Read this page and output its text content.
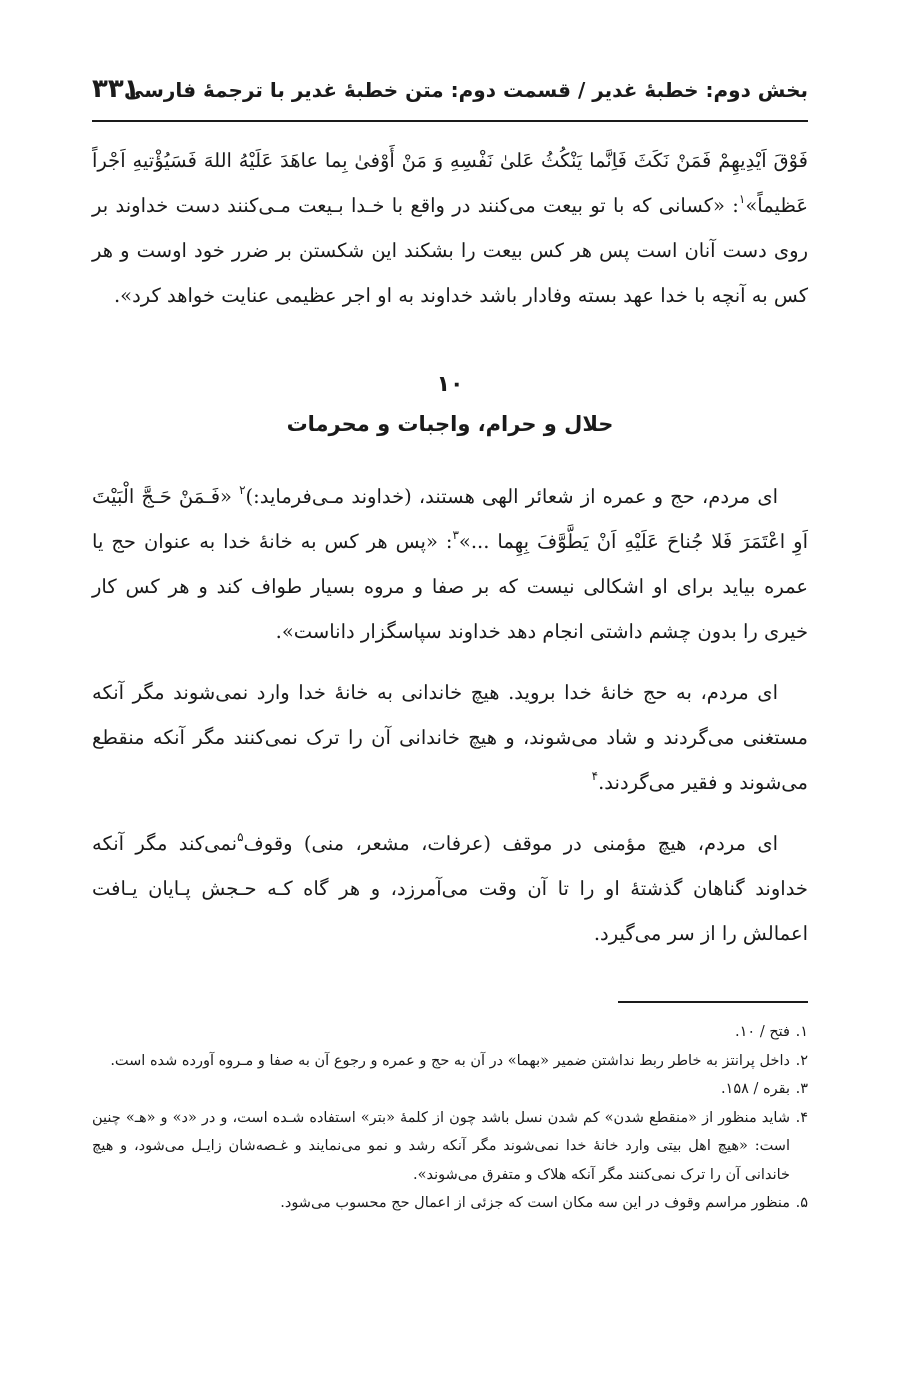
بخش دوم: خطبهٔ غدیر / قسمت دوم: متن خطبهٔ غدیر با ترجمهٔ فارسی
۳۳۱

فَوْقَ اَيْدِيهِمْ فَمَنْ نَكَثَ فَاِنَّما يَنْكُثُ عَلىٰ نَفْسِهِ وَ مَنْ أَوْفىٰ بِما عاهَدَ عَلَيْهُ اللهَ فَسَيُؤْتيهِ اَجْراً عَظيماً»$^۱$: «کسانی که با تو بیعت می‌کنند در واقع با خـدا بـیعت مـی‌کنند دست خداوند بر روی دست آنان است پس هر کس بیعت را بشکند این شکستن بر ضرر خود اوست و هر کس به آنچه با خدا عهد بسته وفادار باشد خداوند به او اجر عظیمی عنایت خواهد کرد».

۱۰
حلال و حرام، واجبات و محرمات

ای مردم، حج و عمره از شعائر الهی هستند، (خداوند مـی‌فرماید:)$^۲$ «فَـمَنْ حَـجَّ الْبَيْتَ اَوِ اعْتَمَرَ فَلا جُناحَ عَلَيْهِ اَنْ يَطَّوَّفَ بِهِما ...»$^۳$: «پس هر کس به خانهٔ خدا به عنوان حج یا عمره بیاید برای او اشکالی نیست که بر صفا و مروه بسیار طواف کند و هر کس کار خیری را بدون چشم داشتی انجام دهد خداوند سپاسگزار داناست».

ای مردم، به حج خانهٔ خدا بروید. هیچ خاندانی به خانهٔ خدا وارد نمی‌شوند مگر آنکه مستغنی می‌گردند و شاد می‌شوند، و هیچ خاندانی آن را ترک نمی‌کنند مگر آنکه منقطع می‌شوند و فقیر می‌گردند.$^۴$

ای مردم، هیچ مؤمنی در موقف (عرفات، مشعر، منی) وقوف$^۵$نمی‌کند مگر آنکه خداوند گناهان گذشتهٔ او را تا آن وقت می‌آمرزد، و هر گاه کـه حـجش پـایان یـافت اعمالش را از سر می‌گیرد.

۱.فتح / ۱۰.

۲.داخل پرانتز به خاطر ربط نداشتن ضمیر «بهما» در آن به حج و عمره و رجوع آن به صفا و مـروه آورده شده است.

۳.بقره / ۱۵۸.

۴.شاید منظور از «منقطع شدن» کم شدن نسل باشد چون از کلمهٔ «بتر» استفاده شـده است، و در «د» و «هـ» چنین است: «هیچ اهل بیتی وارد خانهٔ خدا نمی‌شوند مگر آنکه رشد و نمو می‌نمایند و غـصه‌شان زایـل می‌شود، و هیچ خاندانی آن را ترک نمی‌کنند مگر آنکه هلاک و متفرق می‌شوند».

۵.منظور مراسم وقوف در این سه مکان است که جزئی از اعمال حج محسوب می‌شود.
